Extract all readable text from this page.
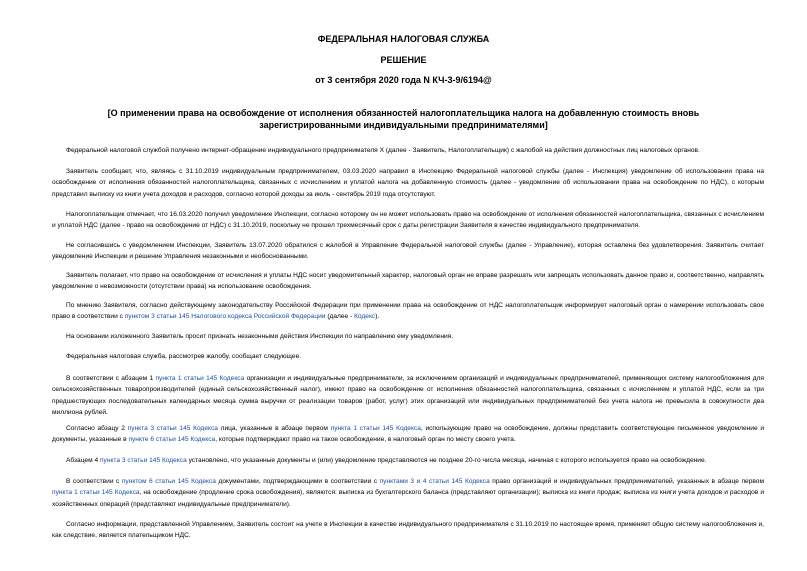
ФЕДЕРАЛЬНАЯ НАЛОГОВАЯ СЛУЖБА
РЕШЕНИЕ
от 3 сентября 2020 года N КЧ-3-9/6194@
[О применении права на освобождение от исполнения обязанностей налогоплательщика налога на добавленную стоимость вновь зарегистрированными индивидуальными предпринимателями]
Федеральной налоговой службой получено интернет-обращение индивидуального предпринимателя X (далее - Заявитель, Налогоплательщик) с жалобой на действия должностных лиц налоговых органов.
Заявитель сообщает, что, являясь с 31.10.2019 индивидуальным предпринимателем, 03.03.2020 направил в Инспекцию Федеральной налоговой службы (далее - Инспекция) уведомление об использовании права на освобождение от исполнения обязанностей налогоплательщика, связанных с исчислением и уплатой налога на добавленную стоимость (далее - уведомление об использовании права на освобождение по НДС), с которым представил выписку из книги учета доходов и расходов, согласно которой доходы за июль - сентябрь 2019 года отсутствуют.
Налогоплательщик отмечает, что 16.03.2020 получил уведомление Инспекции, согласно которому он не может использовать право на освобождение от исполнения обязанностей налогоплательщика, связанных с исчислением и уплатой НДС (далее - право на освобождение от НДС) с 31.10.2019, поскольку не прошел трехмесячный срок с даты регистрации Заявителя в качестве индивидуального предпринимателя.
Не согласившись с уведомлением Инспекции, Заявитель 13.07.2020 обратился с жалобой в Управление Федеральной налоговой службы (далее - Управление), которая оставлена без удовлетворения. Заявитель считает уведомление Инспекции и решение Управления незаконными и необоснованными.
Заявитель полагает, что право на освобождение от исчисления и уплаты НДС носит уведомительный характер, налоговый орган не вправе разрешать или запрещать использовать данное право и, соответственно, направлять уведомление о невозможности (отсутствии права) на использование освобождения.
По мнению Заявителя, согласно действующему законодательству Российской Федерации при применении права на освобождение от НДС налогоплательщик информирует налоговый орган о намерении использовать свое право в соответствии с пунктом 3 статьи 145 Налогового кодекса Российской Федерации (далее - Кодекс).
На основании изложенного Заявитель просит признать незаконными действия Инспекции по направлению ему уведомления.
Федеральная налоговая служба, рассмотрев жалобу, сообщает следующее.
В соответствии с абзацем 1 пункта 1 статьи 145 Кодекса организации и индивидуальные предприниматели, за исключением организаций и индивидуальных предпринимателей, применяющих систему налогообложения для сельскохозяйственных товаропроизводителей (единый сельскохозяйственный налог), имеют право на освобождение от исполнения обязанностей налогоплательщика, связанных с исчислением и уплатой НДС, если за три предшествующих последовательных календарных месяца сумма выручки от реализации товаров (работ, услуг) этих организаций или индивидуальных предпринимателей без учета налога не превысила в совокупности два миллиона рублей.
Согласно абзацу 2 пункта 3 статьи 145 Кодекса лица, указанные в абзаце первом пункта 1 статьи 145 Кодекса, использующие право на освобождение, должны представить соответствующее письменное уведомление и документы, указанные в пункте 6 статьи 145 Кодекса, которые подтверждают право на такое освобождение, в налоговый орган по месту своего учета.
Абзацем 4 пункта 3 статьи 145 Кодекса установлено, что указанные документы и (или) уведомление представляются не позднее 20-го числа месяца, начиная с которого используется право на освобождение.
В соответствии с пунктом 6 статьи 145 Кодекса документами, подтверждающими в соответствии с пунктами 3 и 4 статьи 145 Кодекса право организаций и индивидуальных предпринимателей, указанных в абзаце первом пункта 1 статьи 145 Кодекса, на освобождение (продление срока освобождения), являются: выписка из бухгалтерского баланса (представляют организации); выписка из книги продаж; выписка из книги учета доходов и расходов и хозяйственных операций (представляют индивидуальные предприниматели).
Согласно информации, представленной Управлением, Заявитель состоит на учете в Инспекции в качестве индивидуального предпринимателя с 31.10.2019 по настоящее время, применяет общую систему налогообложения и, как следствие, является плательщиком НДС.
